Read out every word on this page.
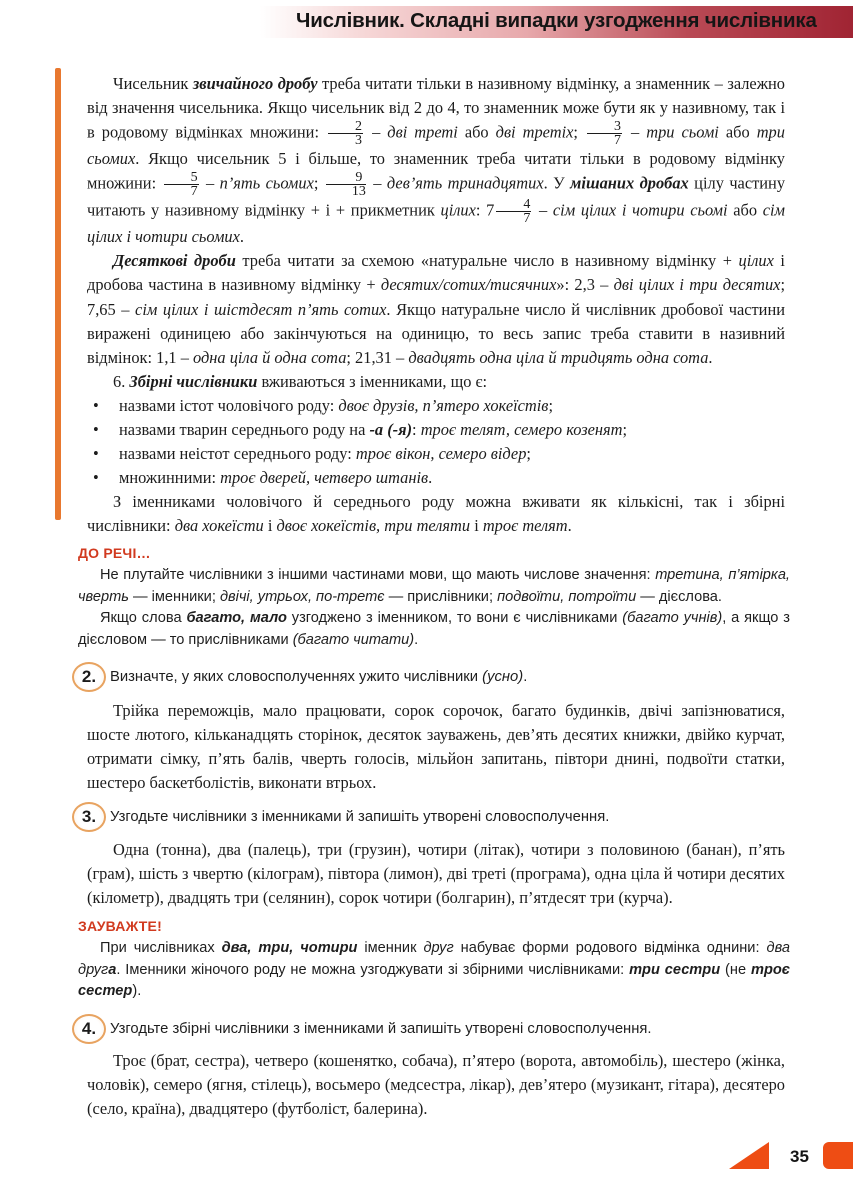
Числівник. Складні випадки узгодження числівника

Чисельник звичайного дробу треба читати тільки в називному відмінку, а знаменник – залежно від значення чисельника. Якщо чисельник від 2 до 4, то знаменник може бути як у називному, так і в родовому відмінках множини: $\frac{2}{3}$ – дві треті або дві третіх; $\frac{3}{7}$ – три сьомі або три сьомих. Якщо чисельник 5 і більше, то знаменник треба читати тільки в родовому відмінку множини: $\frac{5}{7}$ – п’ять сьомих; $\frac{9}{13}$ – дев’ять тринадцятих. У мішаних дробах цілу частину читають у називному відмінку + і + прикметник цілих: $7 \frac{4}{7}$ – сім цілих і чотири сьомі або сім цілих і чотири сьомих.

Десяткові дроби треба читати за схемою «натуральне число в називному відмінку + цілих і дробова частина в називному відмінку + десятих/сотих/тисячних»: 2,3 – дві цілих і три десятих; 7,65 – сім цілих і шістдесят п’ять сотих. Якщо натуральне число й числівник дробової частини виражені одиницею або закінчуються на одиницю, то весь запис треба ставити в називний відмінок: 1,1 – одна ціла й одна сота; 21,31 – двадцять одна ціла й тридцять одна сота.

6. Збірні числівники вживаються з іменниками, що є:

• назвами істот чоловічого роду: двоє друзів, п’ятеро хокеїстів;
• назвами тварин середнього роду на -а (-я): троє телят, семеро козенят;
• назвами неістот середнього роду: троє вікон, семеро відер;
• множинними: троє дверей, четверо штанів.

З іменниками чоловічого й середнього роду можна вживати як кількісні, так і збірні числівники: два хокеїсти і двоє хокеїстів, три теляти і троє телят.

ДО РЕЧІ…

Не плутайте числівники з іншими частинами мови, що мають числове значення: третина, п’ятірка, чверть — іменники; двічі, утрьох, по-третє — прислівники; подвоїти, потроїти — дієслова.

Якщо слова багато, мало узгоджено з іменником, то вони є числівниками (багато учнів), а якщо з дієсловом — то прислівниками (багато читати).

2. Визначте, у яких словосполученнях ужито числівники (усно).

Трійка переможців, мало працювати, сорок сорочок, багато будинків, двічі запізнюватися, шосте лютого, кільканадцять сторінок, десяток зауважень, дев’ять десятих книжки, двійко курчат, отримати сімку, п’ять балів, чверть голосів, мільйон запитань, півтори днині, подвоїти статки, шестеро баскетболістів, виконати втрьох.

3. Узгодьте числівники з іменниками й запишіть утворені словосполучення.

Одна (тонна), два (палець), три (грузин), чотири (літак), чотири з половиною (банан), п’ять (грам), шість з чвертю (кілограм), півтора (лимон), дві треті (програма), одна ціла й чотири десятих (кілометр), двадцять три (селянин), сорок чотири (болгарин), п’ятдесят три (курча).

ЗАУВАЖТЕ!

При числівниках два, три, чотири іменник друг набуває форми родового відмінка однини: два друга. Іменники жіночого роду не можна узгоджувати зі збірними числівниками: три сестри (не троє сестер).

4. Узгодьте збірні числівники з іменниками й запишіть утворені словосполучення.

Троє (брат, сестра), четверо (кошенятко, собача), п’ятеро (ворота, автомобіль), шестеро (жінка, чоловік), семеро (ягня, стілець), восьмеро (медсестра, лікар), дев’ятеро (музикант, гітара), десятеро (село, країна), двадцятеро (футболіст, балерина).

35
